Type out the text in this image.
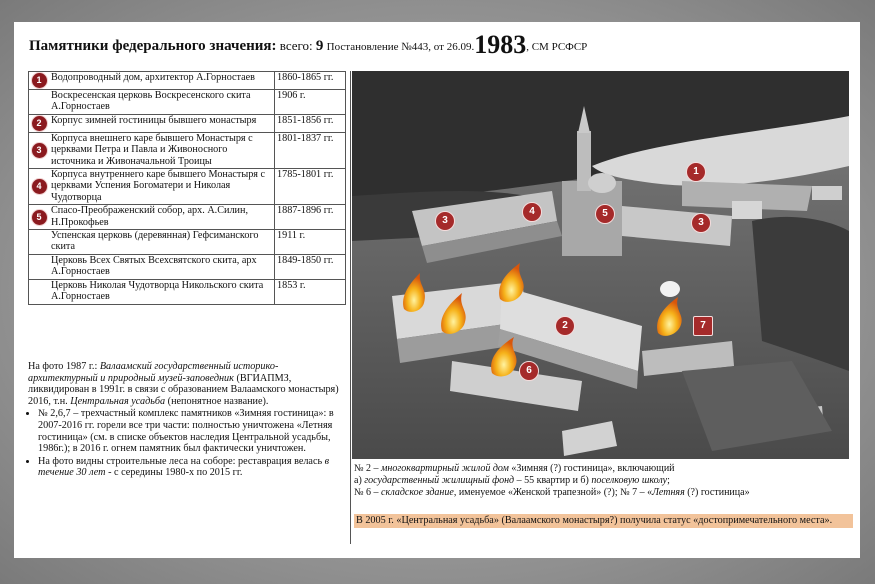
Памятники федерального значения: всего: 9 Постановление №443, от 26.09.1983, СМ РСФСР
1	Водопроводный дом, архитектор А.Горностаев	1860-1865 гг.
	Воскресенская церковь Воскресенского скита А.Горностаев	1906 г.
2	Корпус зимней гостиницы бывшего монастыря	1851-1856 гг.
3	Корпуса внешнего каре бывшего Монастыря с церквами Петра и Павла и Живоносного источника и Живоначальной Троицы	1801-1837 гг.
4	Корпуса внутреннего каре бывшего Монастыря с церквами Успения Богоматери и Николая Чудотворца	1785-1801 гг.
5	Спасо-Преображенский собор, арх. А.Силин, Н.Прокофьев	1887-1896 гг.
	Успенская церковь (деревянная) Гефсиманского скита	1911 г.
	Церковь Всех Святых Всехсвятского скита, арх А.Горностаев	1849-1850 гг.
	Церковь Николая Чудотворца Никольского скита А.Горностаев	1853 г.

На фото 1987 г.: Валаамский государственный историко-архитектурный и природный музей-заповедник (ВГИАПМЗ, ликвидирован в 1991г. в связи с образованием Валаамского монастыря) 2016, т.н. Центральная усадьба (непонятное название).

• № 2,6,7 – трехчастный комплекс памятников «Зимняя гостиница»: в 2007-2016 гг. горели все три части: полностью уничтожена «Летняя гостиница» (см. в списке объектов наследия Центральной усадьбы, 1986г.); в 2016 г. огнем памятник был фактически уничтожен.
• На фото видны строительные леса на соборе: реставрация велась в течение 30 лет - с середины 1980-х по 2015 гг.
1
3
4	5
3
2
6
7

№ 2 – многоквартирный жилой дом «Зимняя (?) гостиница», включающий

а) государственный жилищный фонд – 55 квартир и б) поселковую школу;

№ 6 – складское здание, именуемое «Женской трапезной» (?); № 7 – «Летняя (?) гостиница»

В 2005 г. «Центральная усадьба» (Валаамского монастыря?) получила статус «достопримечательного места».
